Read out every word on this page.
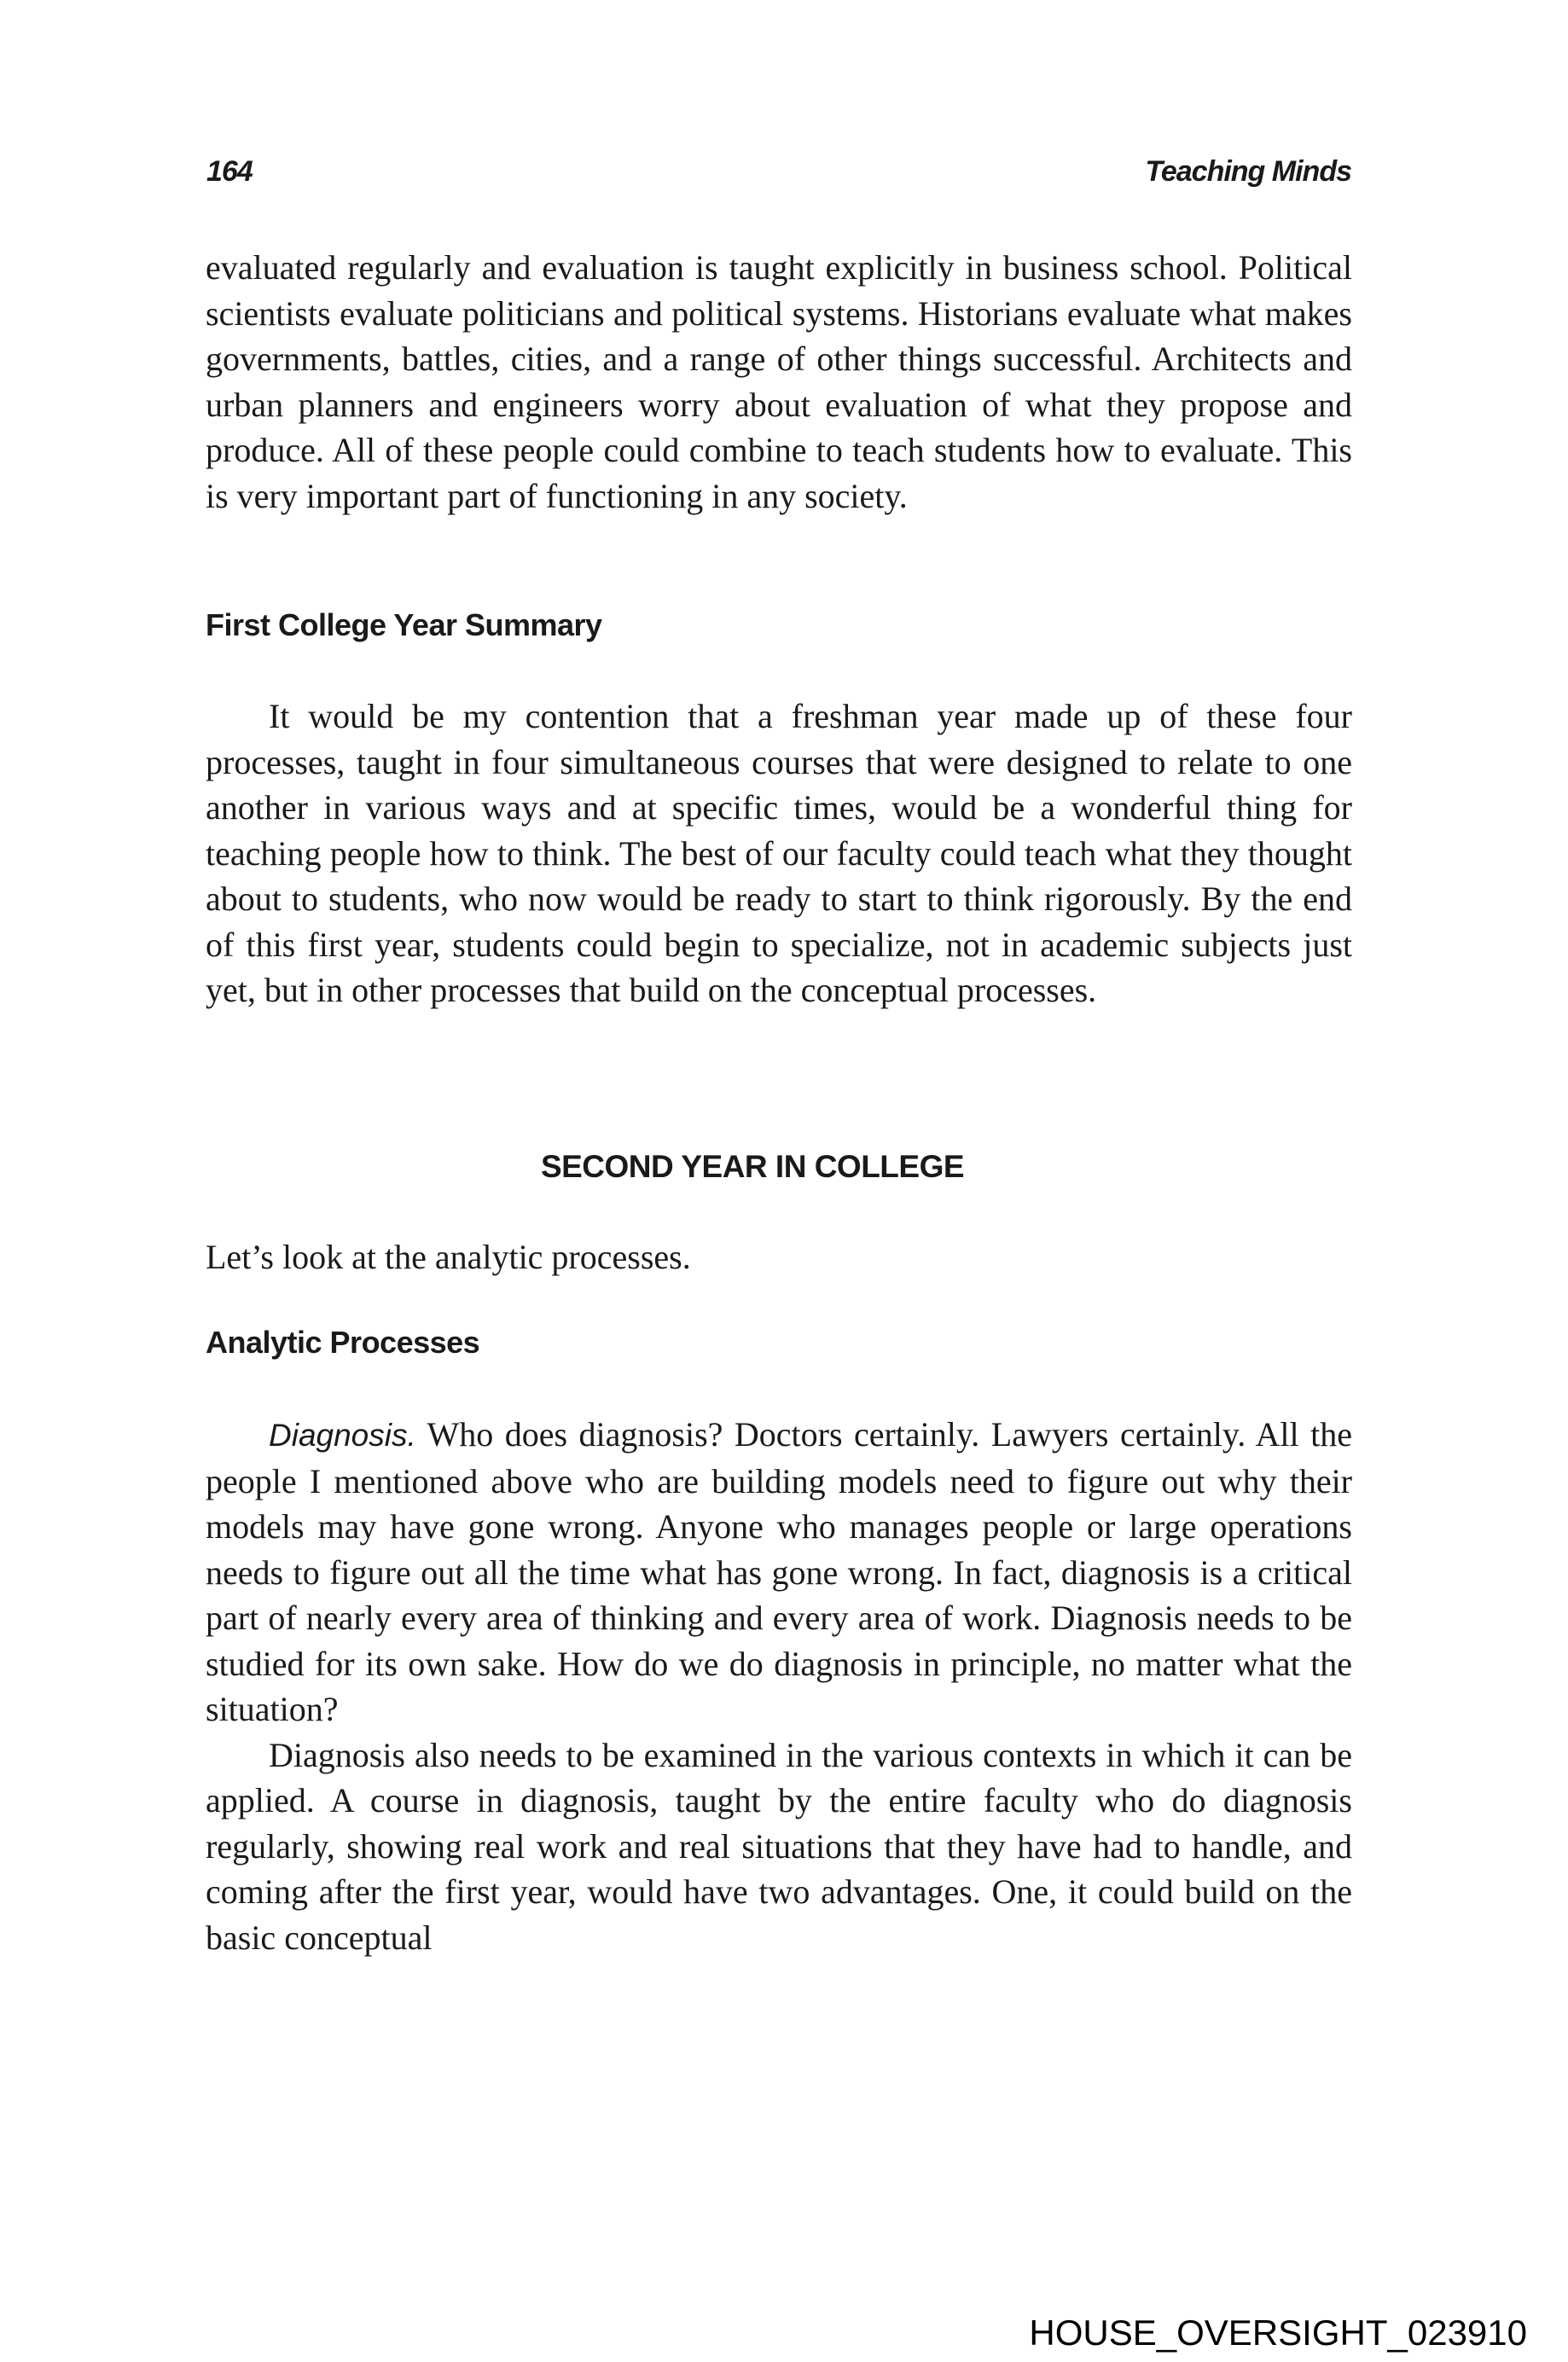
164	Teaching Minds

evaluated regularly and evaluation is taught explicitly in business school. Political scientists evaluate politicians and political systems. Historians evaluate what makes governments, battles, cities, and a range of other things successful. Architects and urban planners and engineers worry about evaluation of what they propose and produce. All of these people could combine to teach students how to evaluate. This is very important part of functioning in any society.

First College Year Summary

It would be my contention that a freshman year made up of these four processes, taught in four simultaneous courses that were designed to relate to one another in various ways and at specific times, would be a wonderful thing for teaching people how to think. The best of our faculty could teach what they thought about to students, who now would be ready to start to think rigorously. By the end of this first year, students could begin to specialize, not in academic subjects just yet, but in other processes that build on the conceptual processes.

SECOND YEAR IN COLLEGE

Let’s look at the analytic processes.

Analytic Processes

Diagnosis. Who does diagnosis? Doctors certainly. Lawyers certainly. All the people I mentioned above who are building models need to figure out why their models may have gone wrong. Anyone who manages people or large operations needs to figure out all the time what has gone wrong. In fact, diagnosis is a critical part of nearly every area of thinking and every area of work. Diagnosis needs to be studied for its own sake. How do we do diagnosis in principle, no matter what the situation?

Diagnosis also needs to be examined in the various contexts in which it can be applied. A course in diagnosis, taught by the entire faculty who do diagnosis regularly, showing real work and real situations that they have had to handle, and coming after the first year, would have two advantages. One, it could build on the basic conceptual

HOUSE_OVERSIGHT_023910
